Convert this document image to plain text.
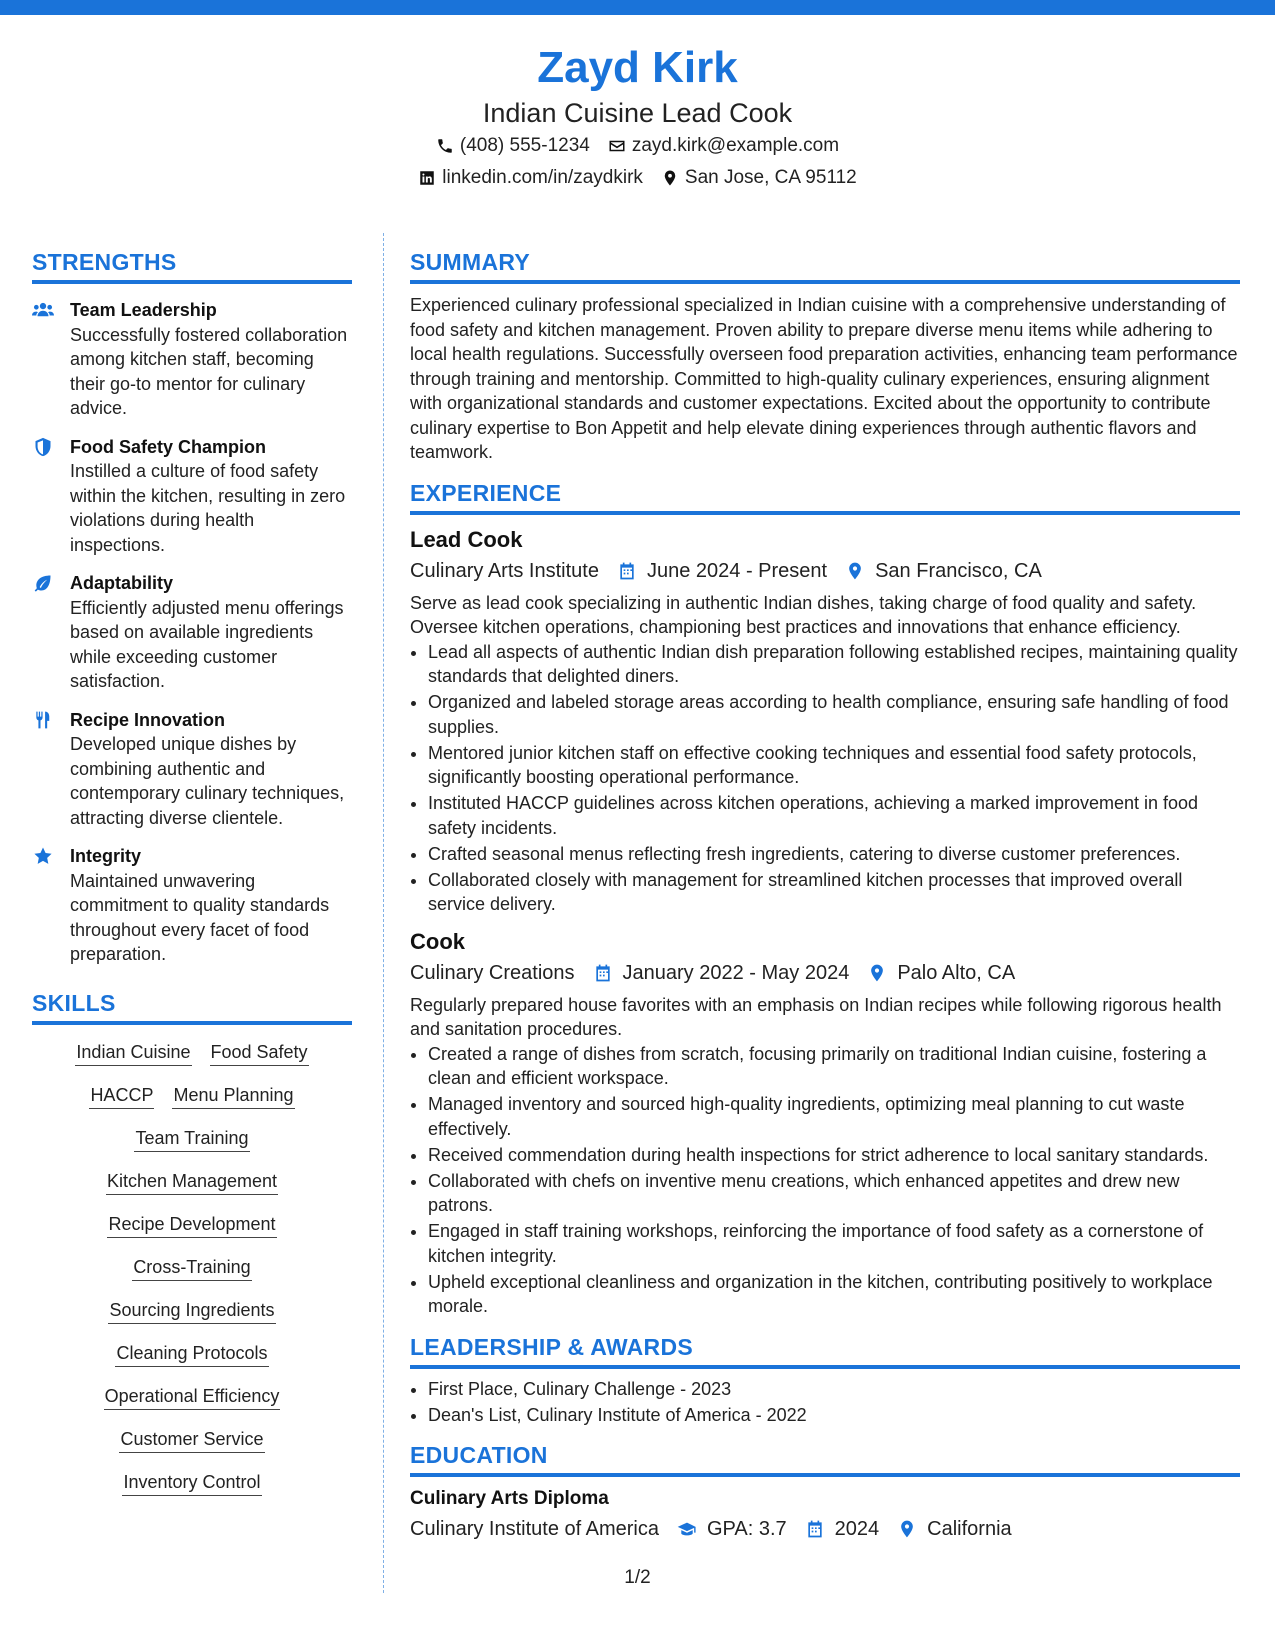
Zayd Kirk
Indian Cuisine Lead Cook
(408) 555-1234 zayd.kirk@example.com
linkedin.com/in/zaydkirk San Jose, CA 95112
STRENGTHS
Team Leadership
Successfully fostered collaboration among kitchen staff, becoming their go-to mentor for culinary advice.
Food Safety Champion
Instilled a culture of food safety within the kitchen, resulting in zero violations during health inspections.
Adaptability
Efficiently adjusted menu offerings based on available ingredients while exceeding customer satisfaction.
Recipe Innovation
Developed unique dishes by combining authentic and contemporary culinary techniques, attracting diverse clientele.
Integrity
Maintained unwavering commitment to quality standards throughout every facet of food preparation.
SKILLS
Indian Cuisine Food Safety
HACCP Menu Planning
Team Training
Kitchen Management
Recipe Development
Cross-Training
Sourcing Ingredients
Cleaning Protocols
Operational Efficiency
Customer Service
Inventory Control
SUMMARY
Experienced culinary professional specialized in Indian cuisine with a comprehensive understanding of food safety and kitchen management. Proven ability to prepare diverse menu items while adhering to local health regulations. Successfully overseen food preparation activities, enhancing team performance through training and mentorship. Committed to high-quality culinary experiences, ensuring alignment with organizational standards and customer expectations. Excited about the opportunity to contribute culinary expertise to Bon Appetit and help elevate dining experiences through authentic flavors and teamwork.
EXPERIENCE
Lead Cook
Culinary Arts Institute June 2024 - Present San Francisco, CA
Serve as lead cook specializing in authentic Indian dishes, taking charge of food quality and safety. Oversee kitchen operations, championing best practices and innovations that enhance efficiency.
• Lead all aspects of authentic Indian dish preparation following established recipes, maintaining quality standards that delighted diners.
• Organized and labeled storage areas according to health compliance, ensuring safe handling of food supplies.
• Mentored junior kitchen staff on effective cooking techniques and essential food safety protocols, significantly boosting operational performance.
• Instituted HACCP guidelines across kitchen operations, achieving a marked improvement in food safety incidents.
• Crafted seasonal menus reflecting fresh ingredients, catering to diverse customer preferences.
• Collaborated closely with management for streamlined kitchen processes that improved overall service delivery.
Cook
Culinary Creations January 2022 - May 2024 Palo Alto, CA
Regularly prepared house favorites with an emphasis on Indian recipes while following rigorous health and sanitation procedures.
• Created a range of dishes from scratch, focusing primarily on traditional Indian cuisine, fostering a clean and efficient workspace.
• Managed inventory and sourced high-quality ingredients, optimizing meal planning to cut waste effectively.
• Received commendation during health inspections for strict adherence to local sanitary standards.
• Collaborated with chefs on inventive menu creations, which enhanced appetites and drew new patrons.
• Engaged in staff training workshops, reinforcing the importance of food safety as a cornerstone of kitchen integrity.
• Upheld exceptional cleanliness and organization in the kitchen, contributing positively to workplace morale.
LEADERSHIP & AWARDS
• First Place, Culinary Challenge - 2023
• Dean's List, Culinary Institute of America - 2022
EDUCATION
Culinary Arts Diploma
Culinary Institute of America GPA: 3.7 2024 California
1/2
